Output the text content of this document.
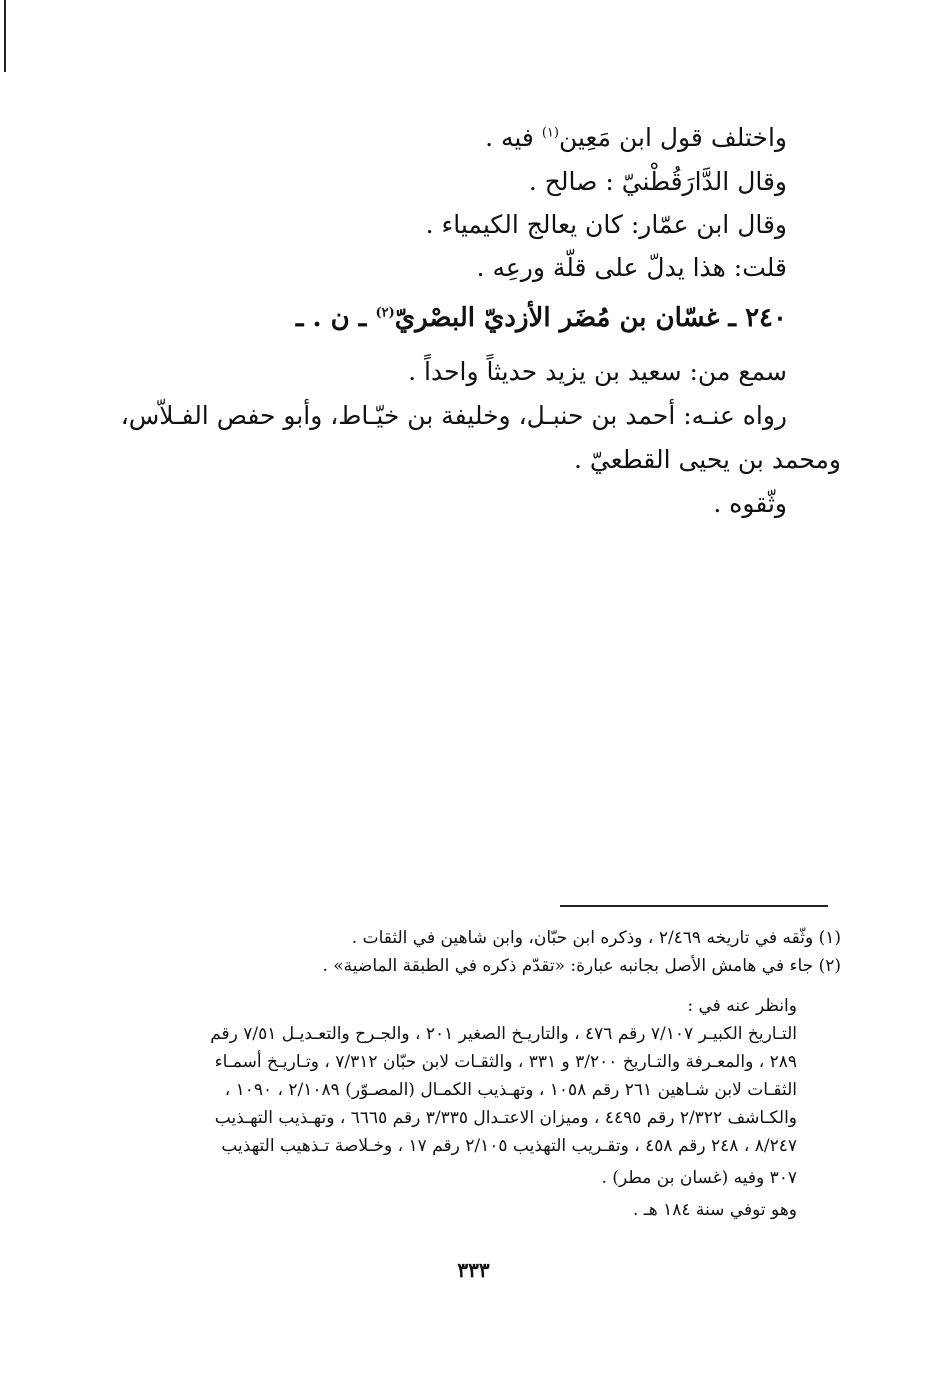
واختلف قول ابن مَعِين$^{(١)}$ فيه .
وقال الدَّارَقُطْنيّ : صالح .
وقال ابن عمّار: كان يعالج الكيمياء .
قلت: هذا يدلّ على قلّة ورعِه .
٢٤٠ ـ غسّان بن مُضَر الأزديّ البصْريّ$^{(٢)}$ ـ ن . ـ
سمع من: سعيد بن يزيد حديثاً واحداً .
رواه عنـه: أحمد بن حنبـل، وخليفة بن خيّـاط، وأبو حفص الفـلاّس،
ومحمد بن يحيى القطعيّ .
وثّقوه .
(١) وثّقه في تاريخه ٢/٤٦٩ ، وذكره ابن حبّان، وابن شاهين في الثقات .
(٢) جاء في هامش الأصل بجانبه عبارة: «تقدّم ذكره في الطبقة الماضية» .
وانظر عنه في :
التـاريخ الكبيـر ٧/١٠٧ رقم ٤٧٦ ، والتاريـخ الصغير ٢٠١ ، والجـرح والتعـديـل ٧/٥١ رقم
٢٨٩ ، والمعـرفة والتـاريخ ٣/٢٠٠ و ٣٣١ ، والثقـات لابن حبّان ٧/٣١٢ ، وتـاريـخ أسمـاء
الثقـات لابن شـاهين ٢٦١ رقم ١٠٥٨ ، وتهـذيب الكمـال (المصـوّر) ٢/١٠٨٩ ، ١٠٩٠ ،
والكـاشف ٢/٣٢٢ رقم ٤٤٩٥ ، وميزان الاعتـدال ٣/٣٣٥ رقم ٦٦٦٥ ، وتهـذيب التهـذيب
٨/٢٤٧ ، ٢٤٨ رقم ٤٥٨ ، وتقـريب التهذيب ٢/١٠٥ رقم ١٧ ، وخـلاصة تـذهيب التهذيب
٣٠٧ وفيه (غسان بن مطر) .
وهو توفي سنة ١٨٤ هـ .
٣٣٣
